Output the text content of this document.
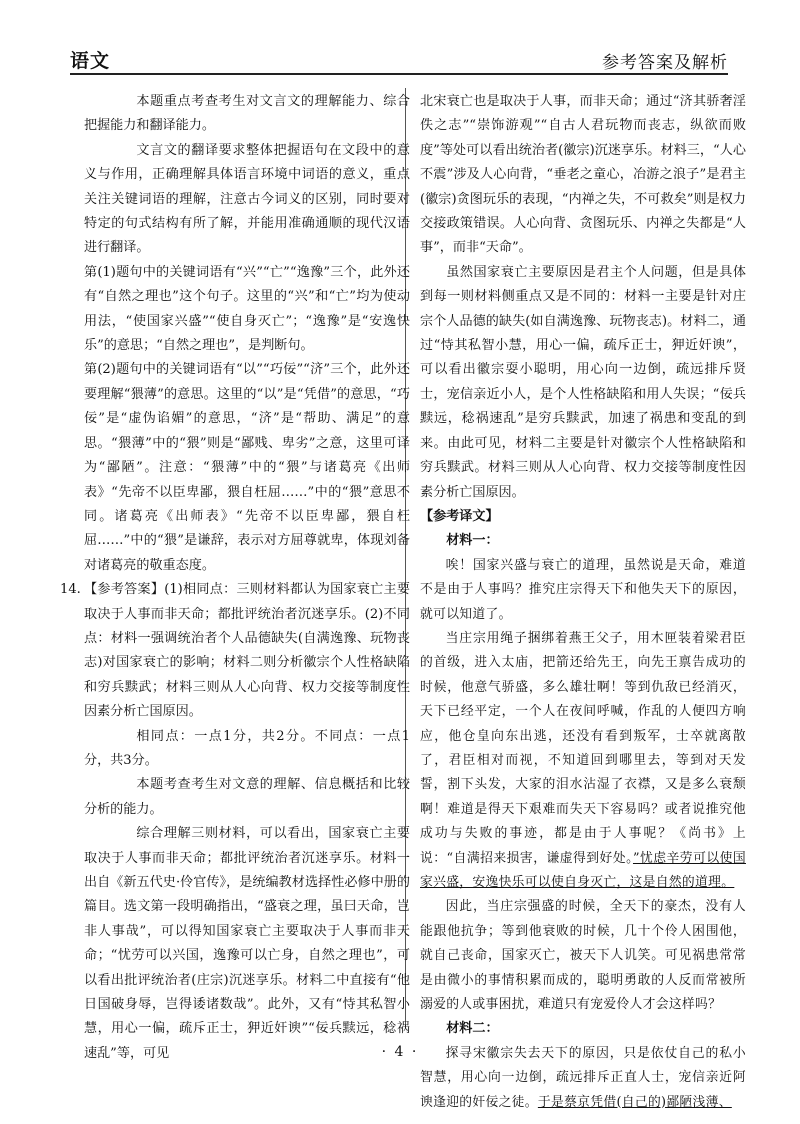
语文	参考答案及解析

本题重点考查考生对文言文的理解能力、综合把握能力和翻译能力。

文言文的翻译要求整体把握语句在文段中的意义与作用，正确理解具体语言环境中词语的意义，重点关注关键词语的理解，注意古今词义的区别，同时要对特定的句式结构有所了解，并能用准确通顺的现代汉语进行翻译。

第(1)题句中的关键词语有“兴”“亡”“逸豫”三个，此外还有“自然之理也”这个句子。这里的“兴”和“亡”均为使动用法，“使国家兴盛”“使自身灭亡”；“逸豫”是“安逸快乐”的意思；“自然之理也”，是判断句。

第(2)题句中的关键词语有“以”“巧佞”“济”三个，此外还要理解“猥薄”的意思。这里的“以”是“凭借”的意思，“巧佞”是“虚伪谄媚”的意思，“济”是“帮助、满足”的意思。“猥薄”中的“猥”则是“鄙贱、卑劣”之意，这里可译为“鄙陋”。注意：“猥薄”中的“猥”与诸葛亮《出师表》“先帝不以臣卑鄙，猥自枉屈……”中的“猥”意思不同。诸葛亮《出师表》“先帝不以臣卑鄙，猥自枉屈……”中的“猥”是谦辞，表示对方屈尊就卑，体现刘备对诸葛亮的敬重态度。

14. 【参考答案】(1)相同点：三则材料都认为国家衰亡主要取决于人事而非天命；都批评统治者沉迷享乐。(2)不同点：材料一强调统治者个人品德缺失(自满逸豫、玩物丧志)对国家衰亡的影响；材料二则分析徽宗个人性格缺陷和穷兵黩武；材料三则从人心向背、权力交接等制度性因素分析亡国原因。

相同点：一点1分，共2分。不同点：一点1分，共3分。

本题考查考生对文意的理解、信息概括和比较分析的能力。

综合理解三则材料，可以看出，国家衰亡主要取决于人事而非天命；都批评统治者沉迷享乐。材料一出自《新五代史·伶官传》，是统编教材选择性必修中册的篇目。选文第一段明确指出，“盛衰之理，虽曰天命，岂非人事哉”，可以得知国家衰亡主要取决于人事而非天命；“忧劳可以兴国，逸豫可以亡身，自然之理也”，可以看出批评统治者(庄宗)沉迷享乐。材料二中直接有“他日国破身辱，岂得诿诸数哉”。此外，又有“恃其私智小慧，用心一偏，疏斥正士，狎近奸谀”“佞兵黩远，稔祸速乱”等，可见

北宋衰亡也是取决于人事，而非天命；通过“济其骄奢淫佚之志”“崇饰游观”“自古人君玩物而丧志，纵欲而败度”等处可以看出统治者(徽宗)沉迷享乐。材料三，“人心不震”涉及人心向背，“垂老之童心，冶游之浪子”是君主(徽宗)贪图玩乐的表现，“内禅之失，不可救矣”则是权力交接政策错误。人心向背、贪图玩乐、内禅之失都是“人事”，而非“天命”。

虽然国家衰亡主要原因是君主个人问题，但是具体到每一则材料侧重点又是不同的：材料一主要是针对庄宗个人品德的缺失(如自满逸豫、玩物丧志)。材料二，通过“恃其私智小慧，用心一偏，疏斥正士，狎近奸谀”，可以看出徽宗耍小聪明，用心向一边倒，疏远排斥贤士，宠信亲近小人，是个人性格缺陷和用人失误；“佞兵黩远，稔祸速乱”是穷兵黩武，加速了祸患和变乱的到来。由此可见，材料二主要是针对徽宗个人性格缺陷和穷兵黩武。材料三则从人心向背、权力交接等制度性因素分析亡国原因。

【参考译文】

材料一：

唉！国家兴盛与衰亡的道理，虽然说是天命，难道不是由于人事吗？推究庄宗得天下和他失天下的原因，就可以知道了。

当庄宗用绳子捆绑着燕王父子，用木匣装着梁君臣的首级，进入太庙，把箭还给先王，向先王禀告成功的时候，他意气骄盛，多么雄壮啊！等到仇敌已经消灭，天下已经平定，一个人在夜间呼喊，作乱的人便四方响应，他仓皇向东出逃，还没有看到叛军，士卒就离散了，君臣相对而视，不知道回到哪里去，等到对天发誓，割下头发，大家的泪水沾湿了衣襟，又是多么衰颓啊！难道是得天下艰难而失天下容易吗？或者说推究他成功与失败的事迹，都是由于人事呢？《尚书》上说：“自满招来损害，谦虚得到好处。”忧虑辛劳可以使国家兴盛，安逸快乐可以使自身灭亡，这是自然的道理。

因此，当庄宗强盛的时候，全天下的豪杰，没有人能跟他抗争；等到他衰败的时候，几十个伶人困围他，就自己丧命，国家灭亡，被天下人讥笑。可见祸患常常是由微小的事情积累而成的，聪明勇敢的人反而常被所溺爱的人或事困扰，难道只有宠爱伶人才会这样吗？

材料二：

探寻宋徽宗失去天下的原因，只是依仗自己的私小智慧，用心向一边倒，疏远排斥正直人士，宠信亲近阿谀逢迎的奸佞之徒。于是蔡京凭借(自己的)鄙陋浅薄、

· 4 ·
